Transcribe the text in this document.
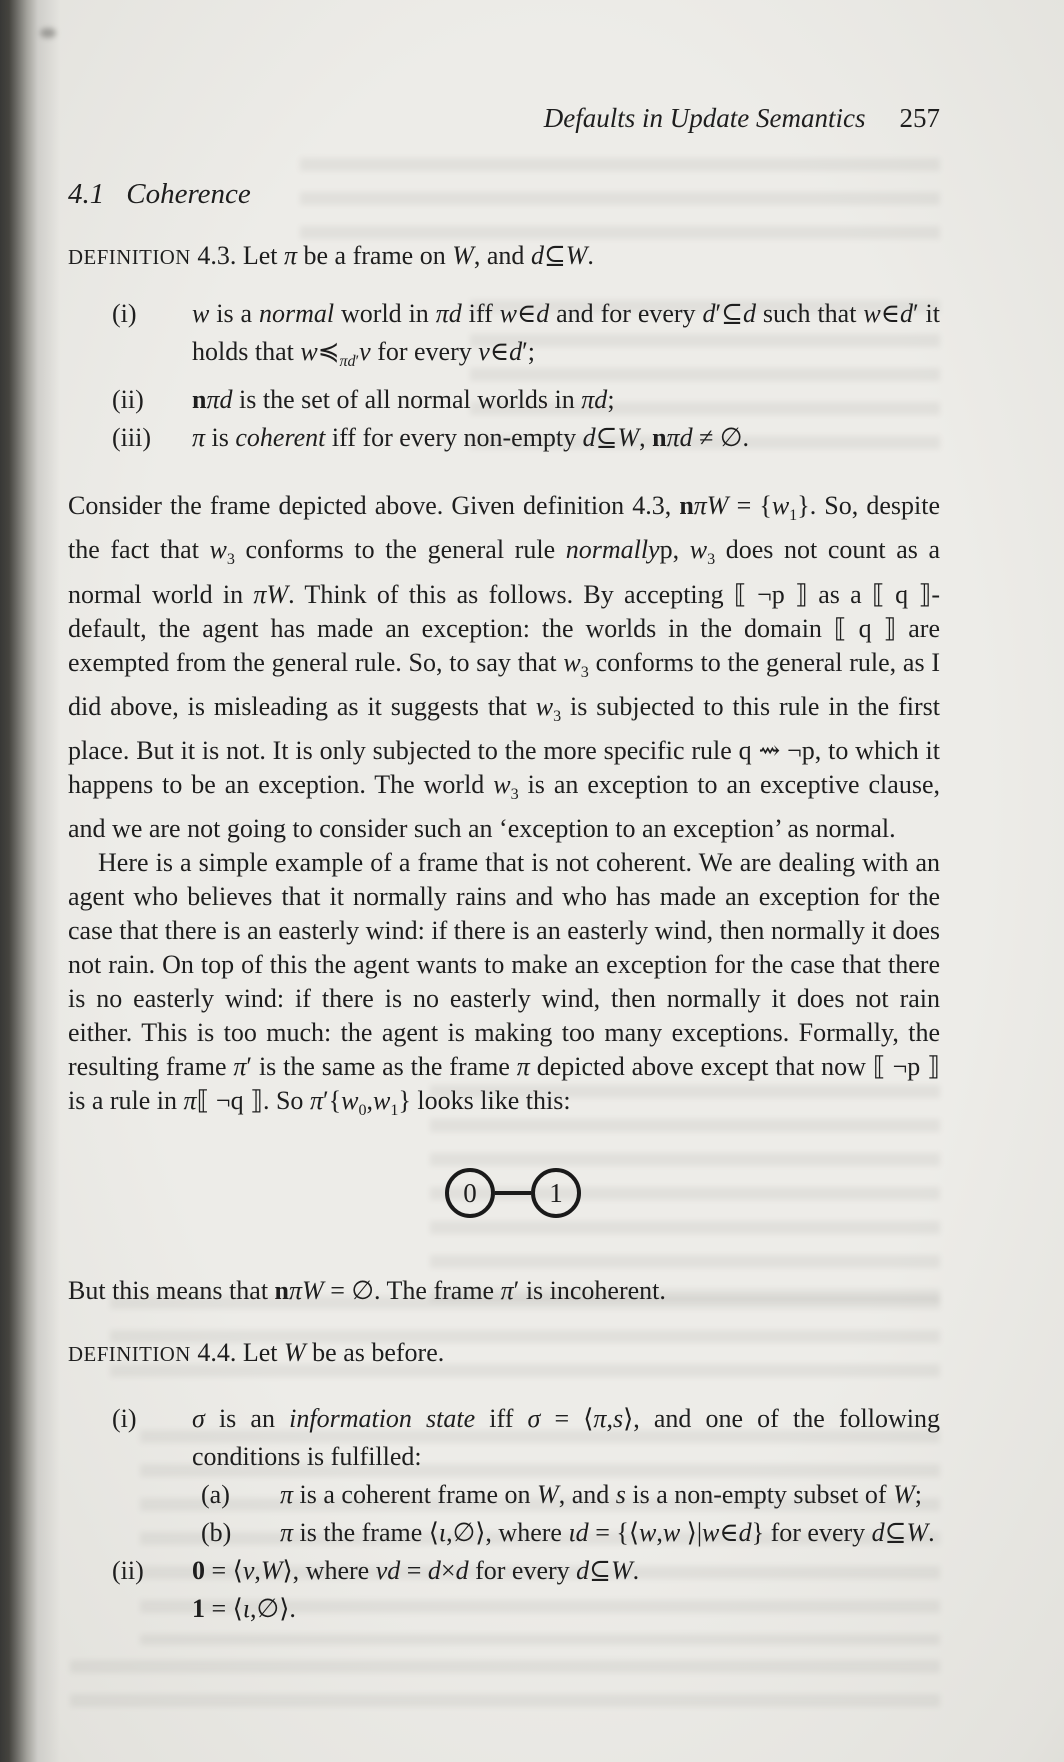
Defaults in Update Semantics 257
4.1 Coherence
DEFINITION 4.3. Let π be a frame on W, and d⊆W.
(i)	w is a normal world in πd iff w∈d and for every d′⊆d such that w∈d′ it holds that $w≼_{\pi d'}v$ for every v∈d′;
(ii)	nπd is the set of all normal worlds in πd;
(iii)	π is coherent iff for every non-empty d⊆W, nπd ≠ ∅.
Consider the frame depicted above. Given definition 4.3, $n\pi W = \{w_1\}$. So, despite the fact that $w_3$ conforms to the general rule normallyp, $w_3$ does not count as a normal world in πW. Think of this as follows. By accepting ⟦ ¬p ⟧ as a ⟦ q ⟧-default, the agent has made an exception: the worlds in the domain ⟦ q ⟧ are exempted from the general rule. So, to say that $w_3$ conforms to the general rule, as I did above, is misleading as it suggests that $w_3$ is subjected to this rule in the first place. But it is not. It is only subjected to the more specific rule q ⇝ ¬p, to which it happens to be an exception. The world $w_3$ is an exception to an exceptive clause, and we are not going to consider such an ‘exception to an exception’ as normal.
Here is a simple example of a frame that is not coherent. We are dealing with an agent who believes that it normally rains and who has made an exception for the case that there is an easterly wind: if there is an easterly wind, then normally it does not rain. On top of this the agent wants to make an exception for the case that there is no easterly wind: if there is no easterly wind, then normally it does not rain either. This is too much: the agent is making too many exceptions. Formally, the resulting frame π′ is the same as the frame π depicted above except that now ⟦ ¬p ⟧ is a rule in π⟦ ¬q ⟧. So $\pi'\{w_0,w_1\}$ looks like this:
0	1
But this means that nπW = ∅. The frame π′ is incoherent.
DEFINITION 4.4. Let W be as before.
(i)	σ is an information state iff σ = ⟨π,s⟩, and one of the following conditions is fulfilled:
(a)	π is a coherent frame on W, and s is a non-empty subset of W;
(b)	π is the frame ⟨ι,∅⟩, where ιd = {⟨w,w ⟩|w∈d} for every d⊆W.
(ii)	0 = ⟨ν,W⟩, where νd = d×d for every d⊆W.
1 = ⟨ι,∅⟩.
